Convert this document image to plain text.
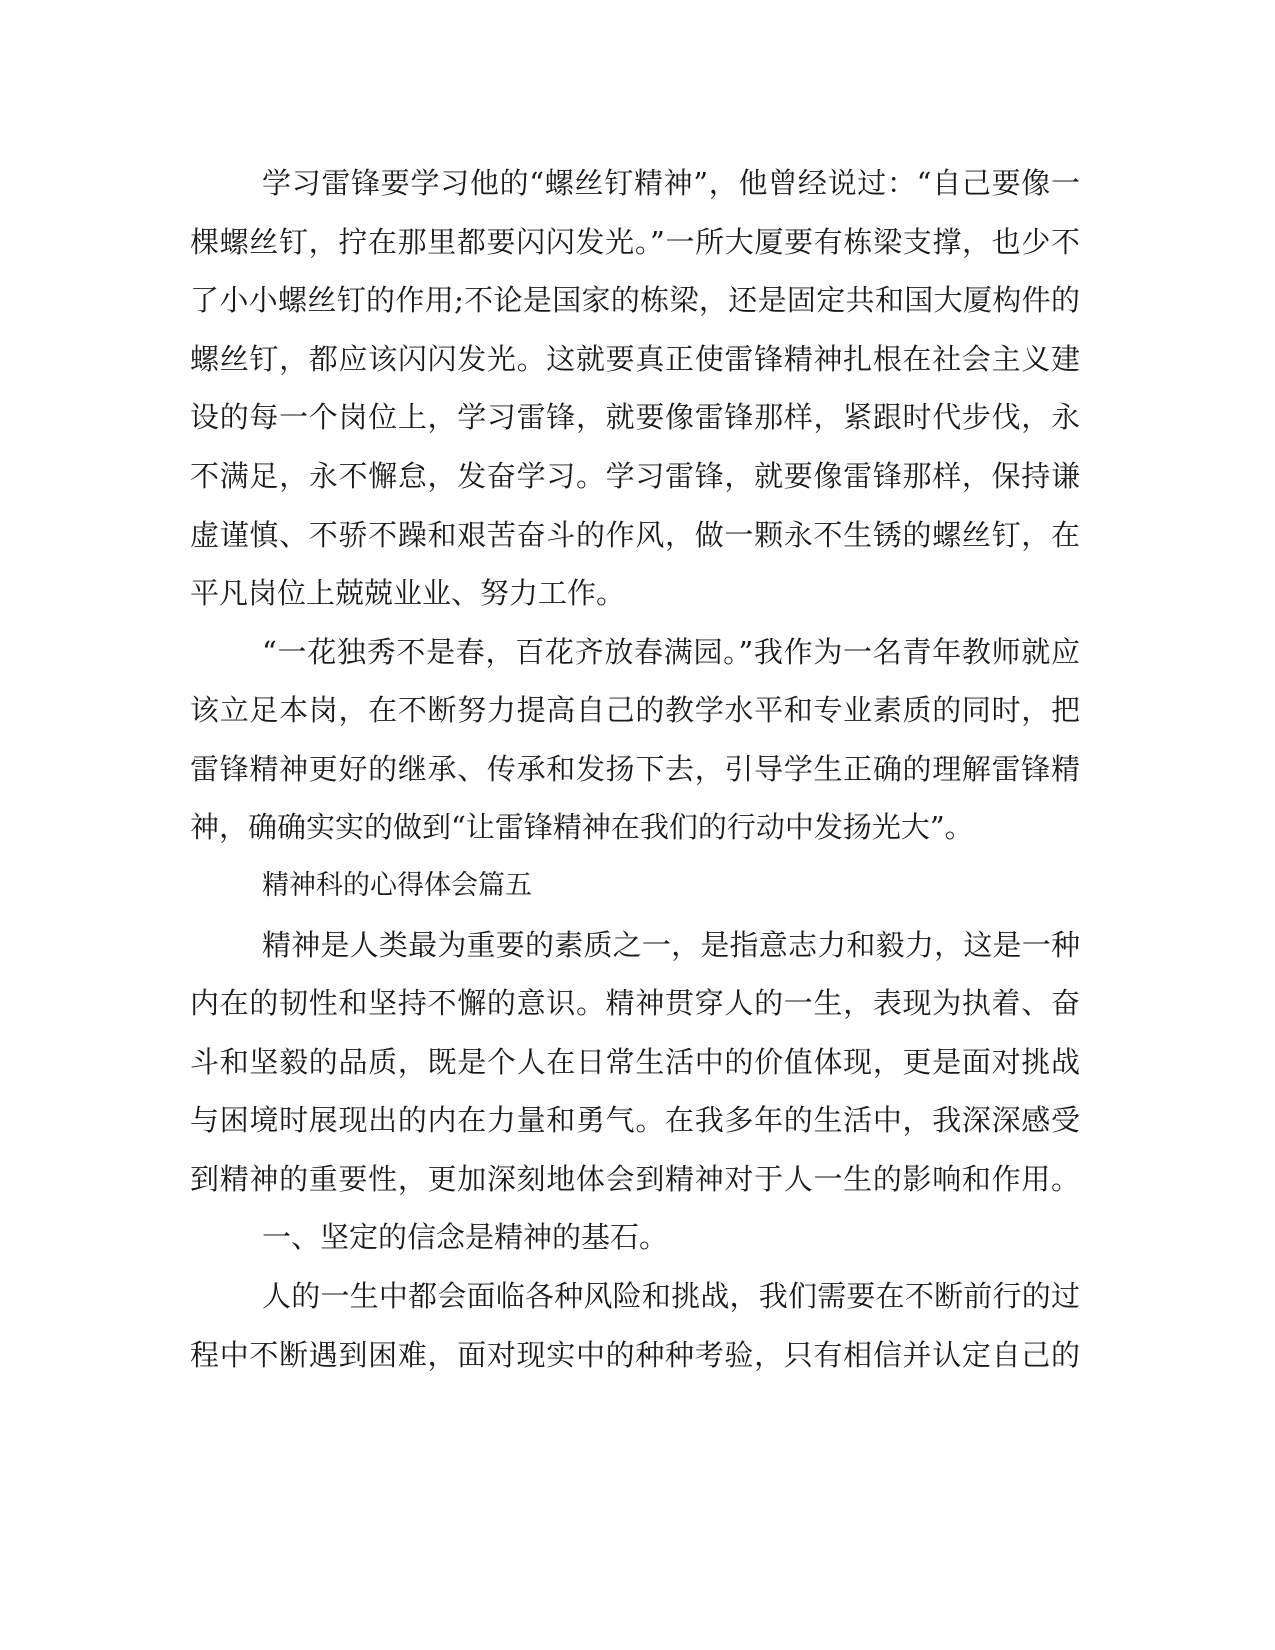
学习雷锋要学习他的“螺丝钉精神”，他曾经说过：“自己要像一
棵螺丝钉，拧在那里都要闪闪发光。”一所大厦要有栋梁支撑，也少不
了小小螺丝钉的作用;不论是国家的栋梁，还是固定共和国大厦构件的
螺丝钉，都应该闪闪发光。这就要真正使雷锋精神扎根在社会主义建
设的每一个岗位上，学习雷锋，就要像雷锋那样，紧跟时代步伐，永
不满足，永不懈怠，发奋学习。学习雷锋，就要像雷锋那样，保持谦
虚谨慎、不骄不躁和艰苦奋斗的作风，做一颗永不生锈的螺丝钉，在
平凡岗位上兢兢业业、努力工作。
“一花独秀不是春，百花齐放春满园。”我作为一名青年教师就应
该立足本岗，在不断努力提高自己的教学水平和专业素质的同时，把
雷锋精神更好的继承、传承和发扬下去，引导学生正确的理解雷锋精
神，确确实实的做到“让雷锋精神在我们的行动中发扬光大”。
精神科的心得体会篇五
精神是人类最为重要的素质之一，是指意志力和毅力，这是一种
内在的韧性和坚持不懈的意识。精神贯穿人的一生，表现为执着、奋
斗和坚毅的品质，既是个人在日常生活中的价值体现，更是面对挑战
与困境时展现出的内在力量和勇气。在我多年的生活中，我深深感受
到精神的重要性，更加深刻地体会到精神对于人一生的影响和作用。
一、坚定的信念是精神的基石。
人的一生中都会面临各种风险和挑战，我们需要在不断前行的过
程中不断遇到困难，面对现实中的种种考验，只有相信并认定自己的
